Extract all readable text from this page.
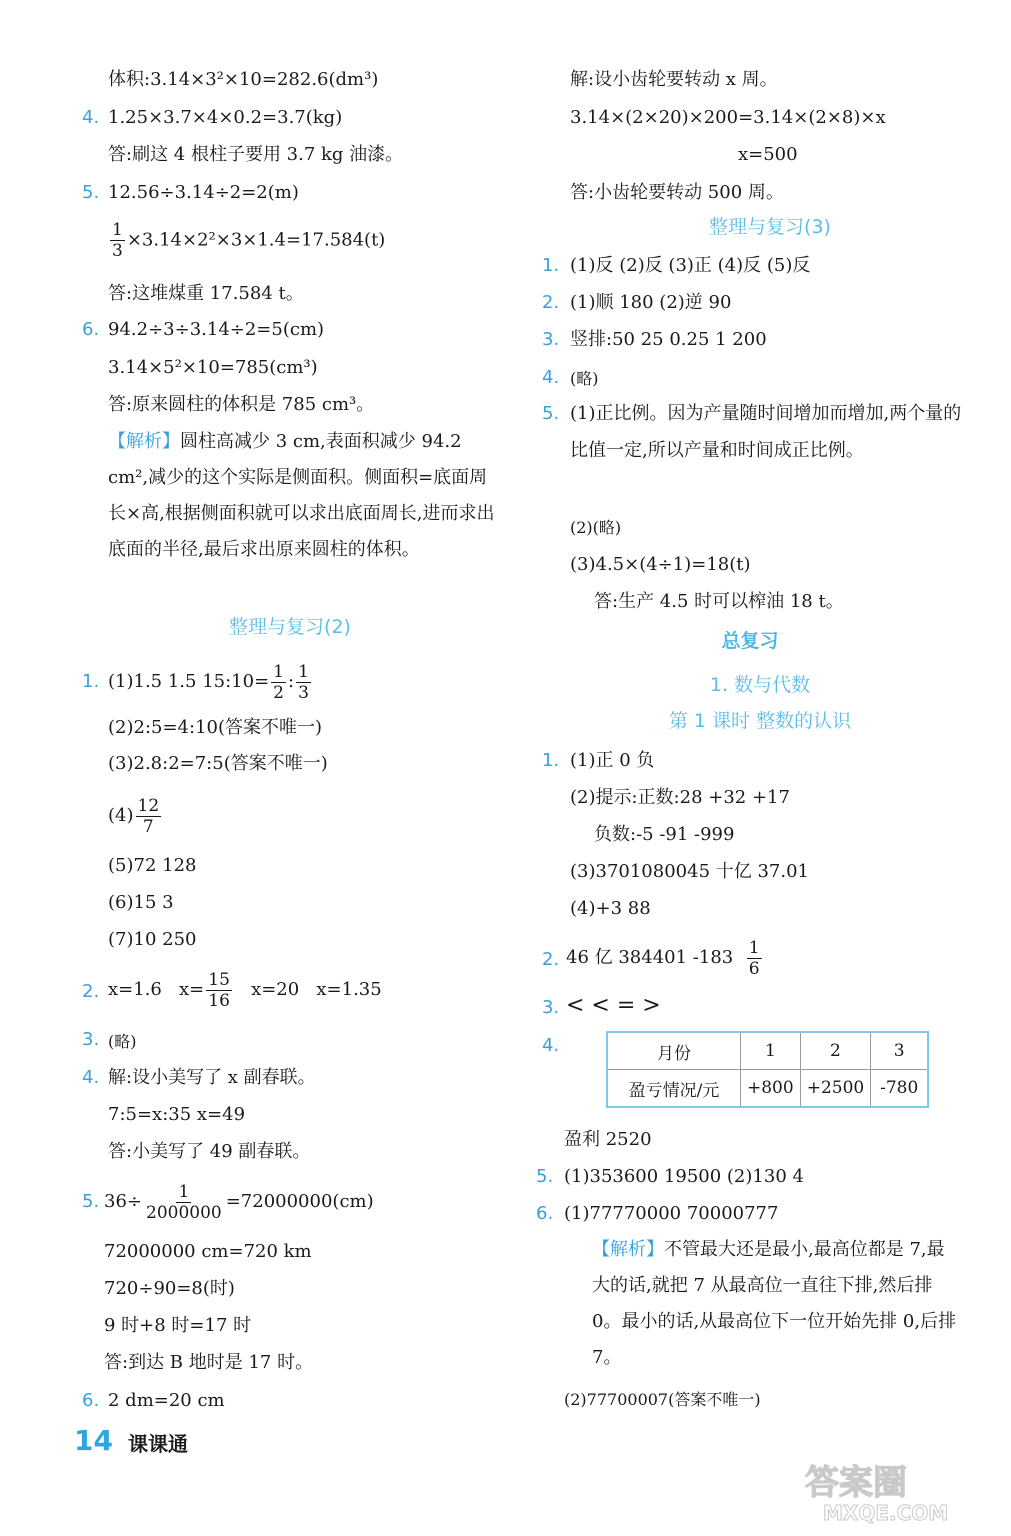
体积:3.14×3²×10=282.6(dm³)
4. 1.25×3.7×4×0.2=3.7(kg)
答:刷这 4 根柱子要用 3.7 kg 油漆。
5. 12.56÷3.14÷2=2(m)
$\frac{1}{3} \times 3.14\times 2^2\times 3\times 1.4=17.584(t)$
答:这堆煤重 17.584 t。
6. 94.2÷3÷3.14÷2=5(cm)
3.14×5²×10=785(cm³)
答:原来圆柱的体积是 785 cm³。
【解析】圆柱高减少 3 cm,表面积减少 94.2 cm²,减少的这个实际是侧面积。侧面积=底面周长×高,根据侧面积就可以求出底面周长,进而求出底面的半径,最后求出原来圆柱的体积。
整理与复习(2)
1. (1)1.5 1.5 15:10= $\frac{1}{2}$ : $\frac{1}{3}$
(2)2:5=4:10(答案不唯一)
(3)2.8:2=7:5(答案不唯一)
$(4) \frac{12}{7}$
(5)72 128
(6)15 3
(7)10 250
2. x=1.6 $x= \frac{15}{16} x=20$ x=1.35
3. (略)
4. 解:设小美写了 x 副春联。
7:5=x:35 x=49
答:小美写了 49 副春联。
5. $36\div \frac{1}{2000000} =72000000(cm)$
72000000 cm=720 km
720÷90=8(时)
9 时+8 时=17 时
答:到达 B 地时是 17 时。
6. 2 dm=20 cm
解:设小齿轮要转动 x 周。
3.14×(2×20)×200=3.14×(2×8)×x
x=500
答:小齿轮要转动 500 周。
整理与复习(3)
1. (1)反 (2)反 (3)正 (4)反 (5)反
2. (1)顺 180 (2)逆 90
3. 竖排:50 25 0.25 1 200
4. (略)
5. (1)正比例。因为产量随时间增加而增加,两个量的比值一定,所以产量和时间成正比例。
(2)(略)
(3)4.5×(4÷1)=18(t)
答:生产 4.5 时可以榨油 18 t。
总复习
1. 数与代数
第 1 课时 整数的认识
1. (1)正 0 负
(2)提示:正数:28 +32 +17
负数:-5 -91 -999
(3)3701080045 十亿 37.01
(4)+3 88
2. 46 亿 384401 $-183 \frac{1}{6}$
3. < < = >
4.	月份	1	2	3
盈亏情况/元	+800	+2500	-780
盈利 2520
5. (1)353600 19500 (2)130 4
6. (1)77770000 70000777
【解析】不管最大还是最小,最高位都是 7,最大的话,就把 7 从最高位一直往下排,然后排 0。最小的话,从最高位下一位开始先排 0,后排 7。
(2)77700007(答案不唯一)
14 课课通
答案圈
MXQE.COM
